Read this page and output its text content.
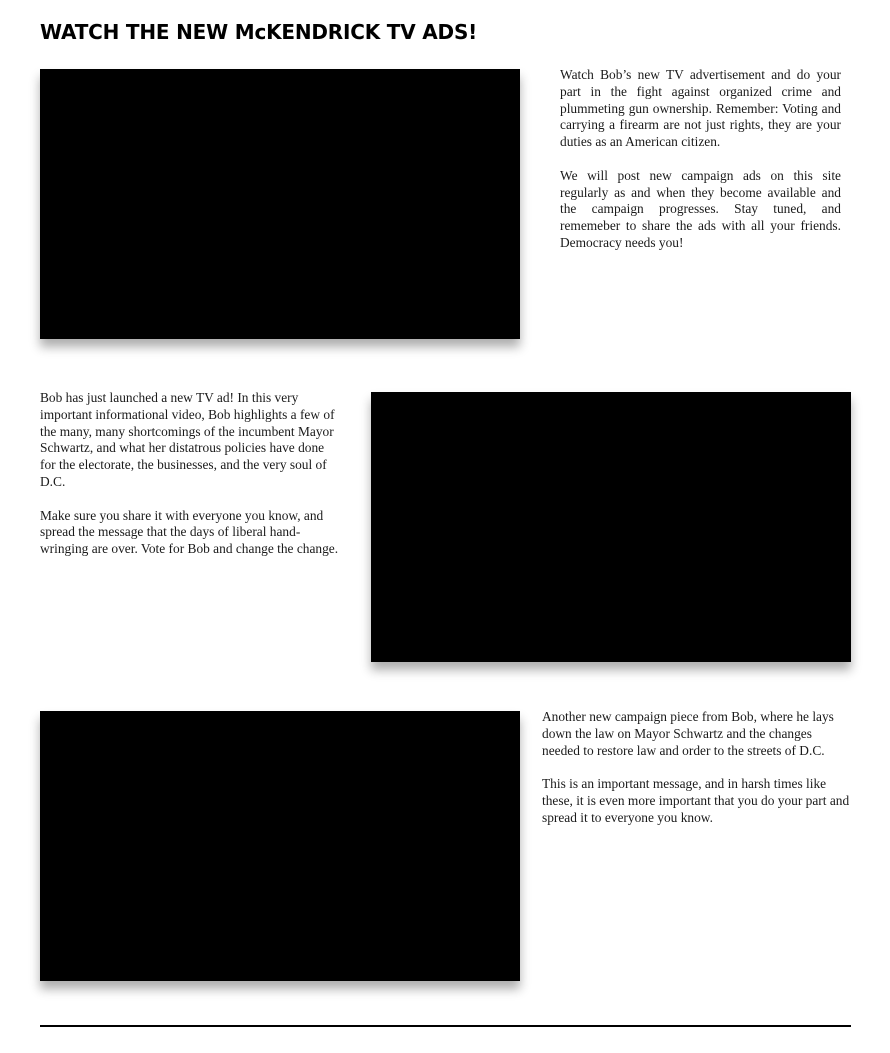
WATCH THE NEW McKENDRICK TV ADS!

Watch Bob’s new TV advertisement and do your part in the fight against organized crime and plummeting gun ownership. Remember: Voting and carrying a firearm are not just rights, they are your duties as an American citizen.

We will post new campaign ads on this site regularly as and when they become available and the campaign progresses. Stay tuned, and rememeber to share the ads with all your friends. Democracy needs you!

Bob has just launched a new TV ad! In this very important informational video, Bob highlights a few of the many, many shortcomings of the incumbent Mayor Schwartz, and what her distatrous policies have done for the electorate, the businesses, and the very soul of D.C.

Make sure you share it with everyone you know, and spread the message that the days of liberal hand-wringing are over. Vote for Bob and change the change.

Another new campaign piece from Bob, where he lays down the law on Mayor Schwartz and the changes needed to restore law and order to the streets of D.C.

This is an important message, and in harsh times like these, it is even more important that you do your part and spread it to everyone you know.
